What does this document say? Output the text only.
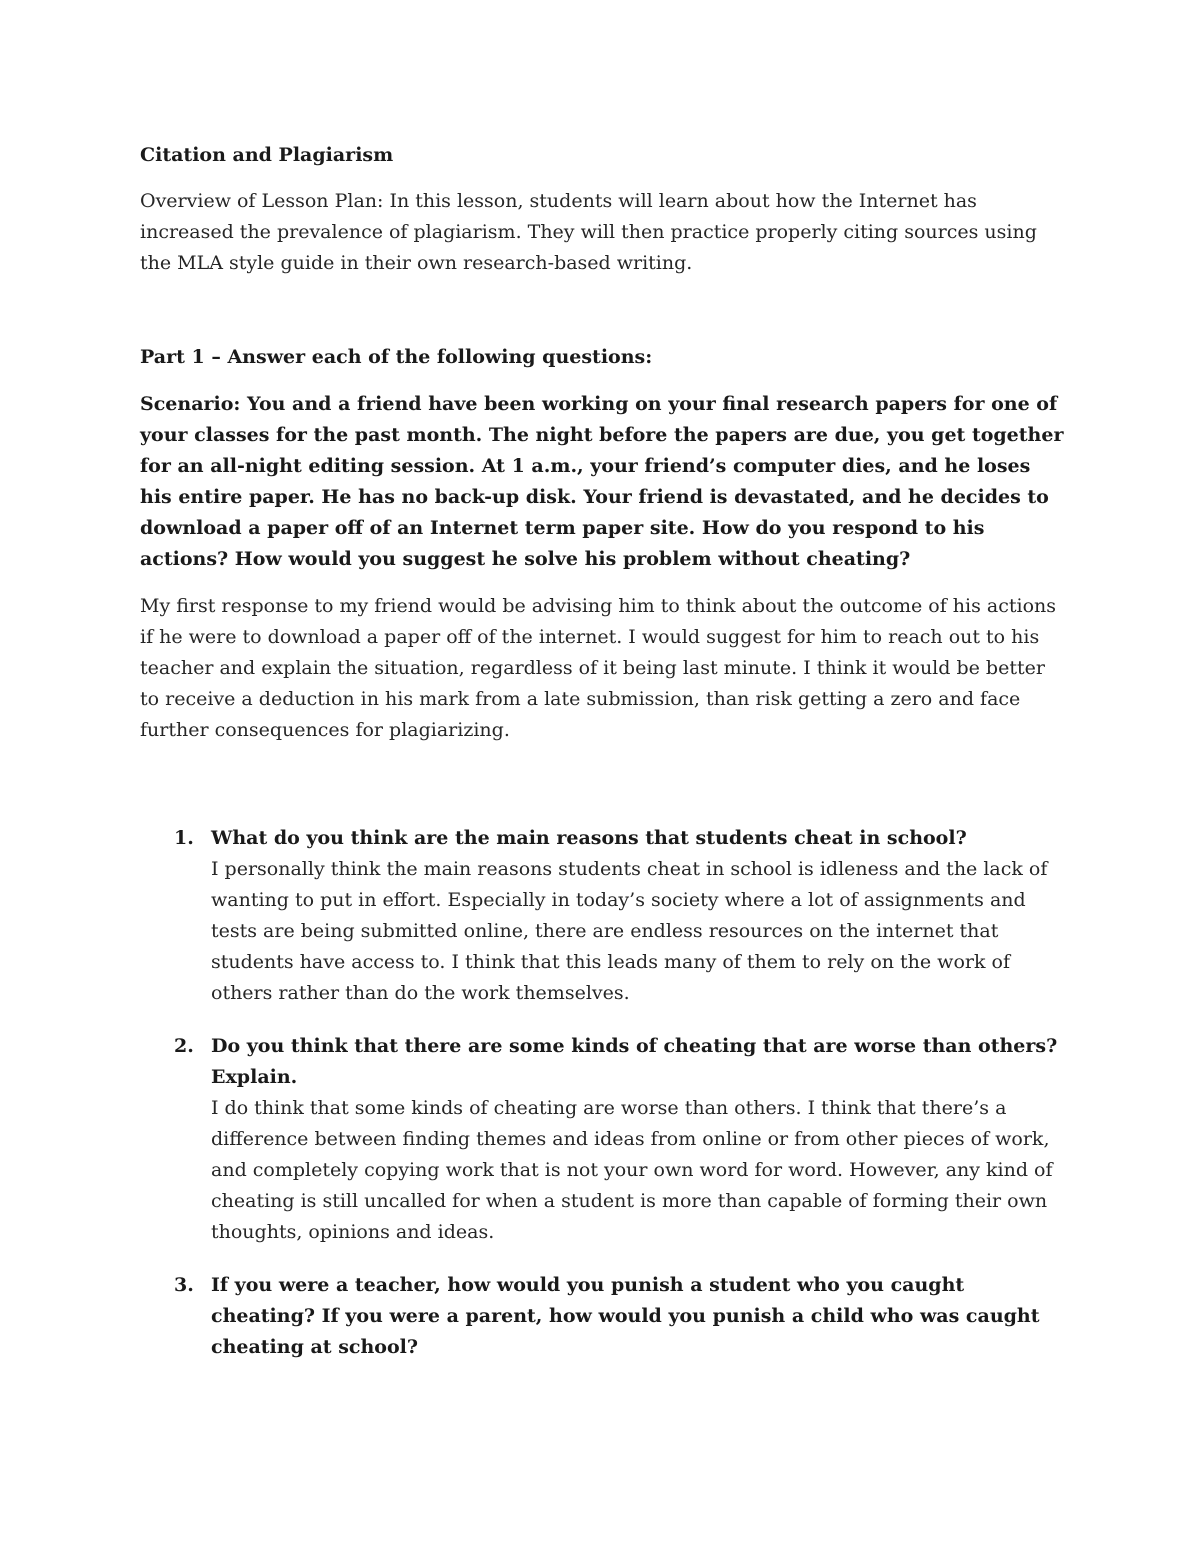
Citation and Plagiarism

Overview of Lesson Plan: In this lesson, students will learn about how the Internet has increased the prevalence of plagiarism. They will then practice properly citing sources using the MLA style guide in their own research-based writing.

Part 1 – Answer each of the following questions:

Scenario: You and a friend have been working on your final research papers for one of your classes for the past month. The night before the papers are due, you get together for an all-night editing session. At 1 a.m., your friend’s computer dies, and he loses his entire paper. He has no back-up disk. Your friend is devastated, and he decides to download a paper off of an Internet term paper site. How do you respond to his actions? How would you suggest he solve his problem without cheating?

My first response to my friend would be advising him to think about the outcome of his actions if he were to download a paper off of the internet. I would suggest for him to reach out to his teacher and explain the situation, regardless of it being last minute. I think it would be better to receive a deduction in his mark from a late submission, than risk getting a zero and face further consequences for plagiarizing.

1. What do you think are the main reasons that students cheat in school?

I personally think the main reasons students cheat in school is idleness and the lack of wanting to put in effort. Especially in today’s society where a lot of assignments and tests are being submitted online, there are endless resources on the internet that students have access to. I think that this leads many of them to rely on the work of others rather than do the work themselves.

2. Do you think that there are some kinds of cheating that are worse than others? Explain.

I do think that some kinds of cheating are worse than others. I think that there’s a difference between finding themes and ideas from online or from other pieces of work, and completely copying work that is not your own word for word. However, any kind of cheating is still uncalled for when a student is more than capable of forming their own thoughts, opinions and ideas.

3. If you were a teacher, how would you punish a student who you caught cheating? If you were a parent, how would you punish a child who was caught cheating at school?
